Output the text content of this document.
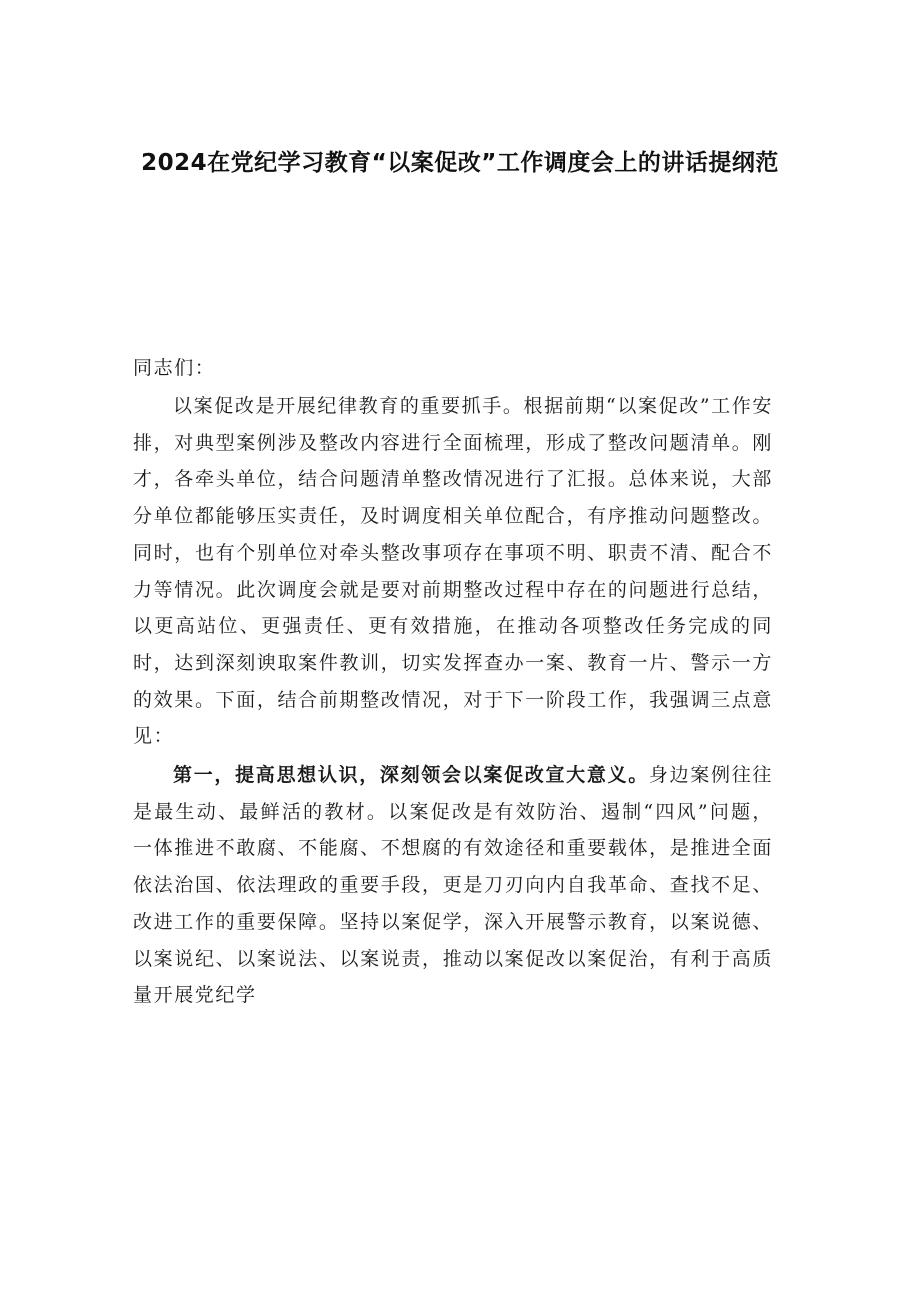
2024在党纪学习教育“以案促改”工作调度会上的讲话提纲范

同志们：

以案促改是开展纪律教育的重要抓手。根据前期“以案促改”工作安排，对典型案例涉及整改内容进行全面梳理，形成了整改问题清单。刚才，各牵头单位，结合问题清单整改情况进行了汇报。总体来说，大部分单位都能够压实责任，及时调度相关单位配合，有序推动问题整改。同时，也有个别单位对牵头整改事项存在事项不明、职责不清、配合不力等情况。此次调度会就是要对前期整改过程中存在的问题进行总结，以更高站位、更强责任、更有效措施，在推动各项整改任务完成的同时，达到深刻谀取案件教训，切实发挥查办一案、教育一片、警示一方的效果。下面，结合前期整改情况，对于下一阶段工作，我强调三点意见：

第一，提高思想认识，深刻领会以案促改宣大意义。身边案例往往是最生动、最鲜活的教材。以案促改是有效防治、遏制“四风”问题，一体推进不敢腐、不能腐、不想腐的有效途径和重要载体，是推进全面依法治国、依法理政的重要手段，更是刀刃向内自我革命、查找不足、改进工作的重要保障。坚持以案促学，深入开展警示教育，以案说德、以案说纪、以案说法、以案说责，推动以案促改以案促治，有利于高质量开展党纪学
